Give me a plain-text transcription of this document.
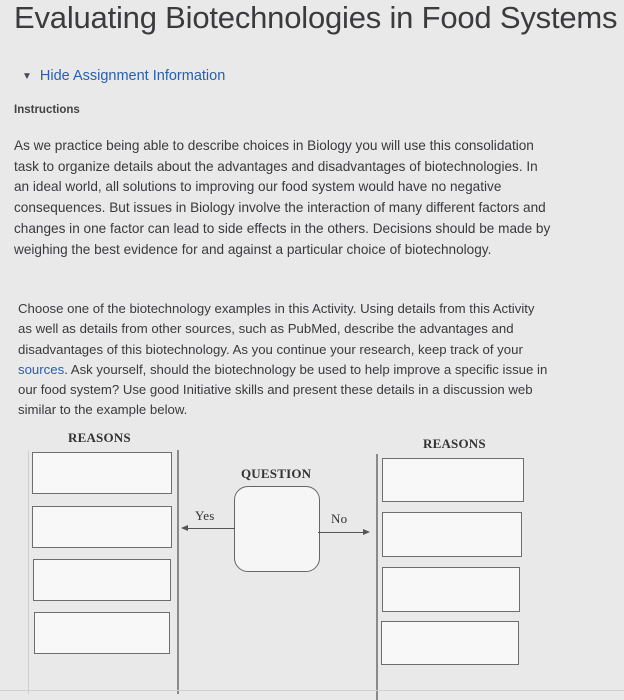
Evaluating Biotechnologies in Food Systems
▼ Hide Assignment Information
Instructions

As we practice being able to describe choices in Biology you will use this consolidation task to organize details about the advantages and disadvantages of biotechnologies. In an ideal world, all solutions to improving our food system would have no negative consequences. But issues in Biology involve the interaction of many different factors and changes in one factor can lead to side effects in the others. Decisions should be made by weighing the best evidence for and against a particular choice of biotechnology.

Choose one of the biotechnology examples in this Activity. Using details from this Activity as well as details from other sources, such as PubMed, describe the advantages and disadvantages of this biotechnology. As you continue your research, keep track of your sources. Ask yourself, should the biotechnology be used to help improve a specific issue in our food system? Use good Initiative skills and present these details in a discussion web similar to the example below.

REASONS	REASONS
QUESTION
Yes	No
